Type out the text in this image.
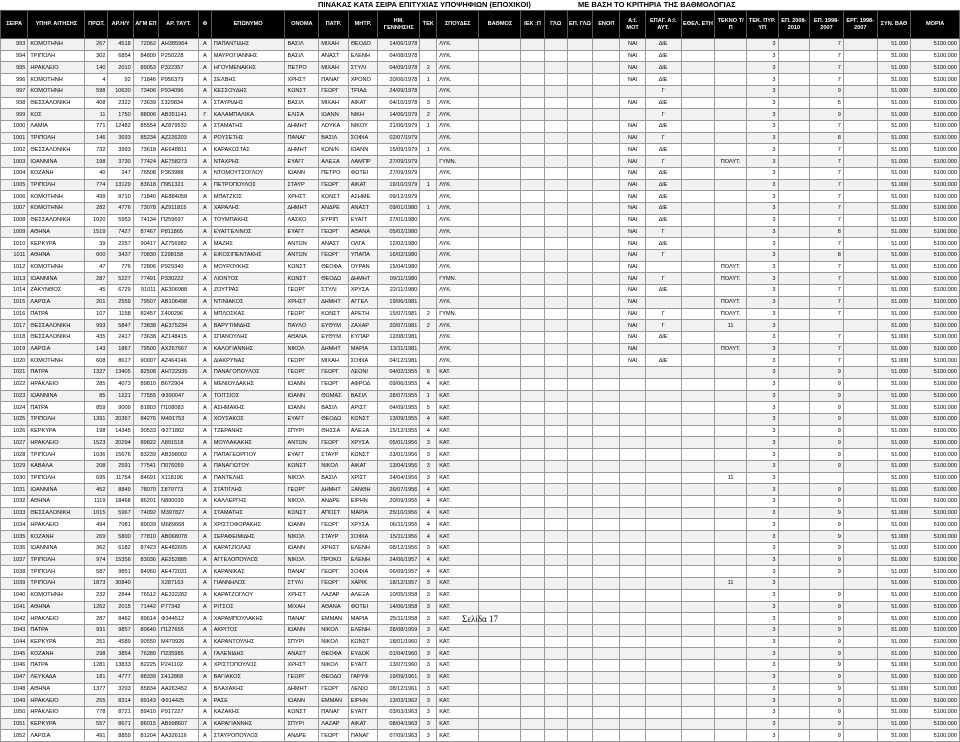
ΠΙΝΑΚΑΣ ΚΑΤΑ ΣΕΙΡΑ ΕΠΙΤΥΧΙΑΣ ΥΠΟΨΗΦΙΩΝ (ΕΠΟΧΙΚΟΙ)	ΜΕ ΒΑΣΗ ΤΟ ΚΡΙΤΗΡΙΑ ΤΗΣ ΒΑΘΜΟΛΟΓΙΑΣ
ΣΕΙΡΑ	ΥΠΗΡ. ΑΙΤΗΣΗΣ	ΠΡΩΤ.	ΑΡ.Η/Υ	ΑΓΜ ΕΠ	ΑΡ. ΤΑΥΤ.	Φ	ΕΠΩΝΥΜΟ	ΟΝΟΜΑ	ΠΑΤΡ.	ΜΗΤΡ.	ΗΜ. ΓΕΝΝΗΣΗΣ	ΤΕΚ	ΣΠΟΥ∆ΕΣ	ΒΑΘΜΟΣ	ΙΕΚ :Π	ΓΛΩ	ΕΠ. ΓΛΩ	ΕΝΟΠ	Α:Ι. ΜΟΤ	ΕΠΑΓ. Α:Ι. ΑΥΤ.	ΕΘΕΛ. ΕΤΗ	ΤΕΚΝΟ Τ/Π	ΤΕΚ. ΠΥΡ. ΥΠ	ΕΠ. 2008-2010	ΕΠ. 1998-2007	ΕΡΓ. 1998-2007	ΣΥΝ. ΒΑΘ	ΜΟΡΙΑ
993	ΚΟΜΟΤΗΝΗ	267	4518	72062	ΑΗ385964	Α	ΠΑΠΑΝΤΙ∆ΗΣ	ΒΑΣΙΛ	ΜΙΧΑΗ	ΘΕΟ∆Ο	14/06/1978		ΛΥΚ.						ΝΑΙ	∆ΙΕ			3		7		51.000	5100.000
994	ΤΡΙΠΟΛΗ	302	6854	84809	Ρ250228	Α	ΜΑΥΡΟΓΙΑΝΝΗΣ	ΒΑΣΙΛ	ΑΝΑΣΤ	ΕΛΕΝΗ	04/08/1978		ΛΥΚ.						ΝΑΙ	∆ΙΕ			3		7		51.000	5100.000
995	ΗΡΑΚΛΕΙΟ	140	2010	89053	Ρ322357	Α	ΗΓΟΥΜΕΝΑΚΗΣ	ΠΕΤΡΟ	ΜΙΧΑΗ	ΣΤΥΛΙ	04/09/1978	2	ΛΥΚ.						ΝΑΙ	∆ΙΕ			3		7		51.000	5100.000
996	ΚΟΜΟΤΗΝΗ	4	92	71846	Ρ956379	Α	ΣΕΛΒΗΣ	ΧΡΗΣΤ	ΠΑΝΑΓ	ΧΡΟΝΟ	20/06/1978	1	ΛΥΚ.						ΝΑΙ	∆ΙΕ			3		7		51.000	5100.000
997	ΚΟΜΟΤΗΝΗ	598	10630	73406	Ρ934096	Α	ΚΕΣΣΟΥ∆ΗΣ	ΚΩΝΣΤ	ΓΕΩΡΓ	ΤΡΙΑ∆	24/09/1978		ΛΥΚ.							Γ			3		9		51.000	5100.000
998	ΘΕΣΣΑΛΟΝΙΚΗ	408	2322	73639	Σ329834	Α	ΣΤΑΥΡΙ∆ΗΣ	ΒΑΣΙΛ	ΜΙΧΑΗ	ΑΙΚΑΤ	04/10/1978	3	ΛΥΚ.						ΝΑΙ	∆ΙΕ			3		5		51.000	5100.000
999	ΚΩΣ	11	1750	88006	ΑΒ351141	Γ	ΚΑΛΑΜΠΑΛΙΚΑ	ΕΛΙΣΑ	ΙΩΑΝΝ	ΝΙΚΗ	14/06/1979	2	ΛΥΚ.							Γ			3		9		51.000	5100.000
1000	ΛΑΜΙΑ	771	12482	85554	ΑΖ879532	Α	ΣΤΑΜΑΤΗΣ	∆ΗΜΗΤ	ΛΟΥΚΑ	ΝΙΚΟΥ	21/06/1979	1	ΛΥΚ.						ΝΑΙ	∆ΙΕ			3		7		51.000	5100.000
1001	ΤΡΙΠΟΛΗ	146	3693	85234	ΑΖ226203	Α	ΡΟΥΣΕΤΗΣ	ΠΑΝΑΓ	ΒΑΣΙΛ	ΣΟΦΙΑ	02/07/1979		ΛΥΚ.						ΝΑΙ	Γ			3		8		51.000	5100.000
1002	ΘΕΣΣΑΛΟΝΙΚΗ	732	3993	73618	ΑΕ648811	Α	ΚΑΡΑΚΩΣΤΑΣ	∆ΗΜΗΤ	ΚΩΝ/Ν	ΙΩΑΝΝ	15/09/1979	1	ΛΥΚ.						ΝΑΙ	∆ΙΕ			3		7		51.000	5100.000
1003	ΙΩΑΝΝΙΝΑ	198	3730	77424	ΑΕ758273	Α	ΝΤΑΧΡΗΣ	ΕΥΑΓΓ	ΑΛΕΞΑ	ΛΑΜΠΡ	27/09/1979		ΓΥΜΝ.						ΝΑΙ	Γ		ΠΟΛΥΤ.	3		7		51.000	5100.000
1004	ΚΟΖΑΝΗ	40	247	76508	Ρ363988	Α	ΝΤΟΜΟΥΤΣΟΓΛΟΥ	ΙΩΑΝΝ	ΠΕΤΡΟ	ΦΩΤΕΙ	27/09/1979		ΛΥΚ.						ΝΑΙ	∆ΙΕ			3		7		51.000	5100.000
1005	ΤΡΙΠΟΛΗ	774	13129	83618	Π951321	Α	ΠΕΤΡΟΠΟΥΛΟΣ	ΣΤΑΥΡ	ΓΕΩΡΓ	ΑΙΚΑΤ	19/10/1979	1	ΛΥΚ.						ΝΑΙ	∆ΙΕ			3		7		51.000	5100.000
1006	ΚΟΜΟΤΗΝΗ	499	8710	71840	ΑΕ884058	Α	ΜΠΑΤΖΙΟΣ	ΧΡΗΣΤ	ΚΩΝΣΤ	ΑΣΗΜΕ	09/12/1979		ΛΥΚ.						ΝΑΙ	∆ΙΕ			3		7		51.000	5100.000
1007	ΚΟΜΟΤΗΝΗ	282	4776	73078	ΑΖ911815	Α	ΧΑΡΑΛΗΣ	∆ΗΜΗΤ	ΑΝ∆ΡΕ	ΑΝΑΣΤ	09/01/1980	1	ΛΥΚ.						ΝΑΙ	∆ΙΕ			3		7		51.000	5100.000
1008	ΘΕΣΣΑΛΟΝΙΚΗ	1020	5953	74134	Π259697	Α	ΤΟΥΜΠΑΚΗΣ	ΛΑΣΚΟ	ΕΥΡΙΠ	ΕΥΑΓΓ	27/01/1980		ΛΥΚ.						ΝΑΙ	∆ΙΕ			3		7		51.000	5100.000
1009	ΑΘΗΝΑ	1519	7427	87467	Ρ811865	Α	ΕΥΑΓΓΕΛΙΝΟΣ	ΕΥΑΓΓ	ΓΕΩΡΓ	ΑΘΑΝΑ	05/02/1980		ΛΥΚ.						ΝΑΙ	Γ			3		8		51.000	5100.000
1010	ΚΕΡΚΥΡΑ	39	2257	90417	ΑΖ756982	Α	ΜΑΖΗΣ	ΑΝΤΩΝ	ΑΝΑΣΤ	ΟΛΓΑ	12/02/1980		ΛΥΚ.						ΝΑΙ	∆ΙΕ			3		7		51.000	5100.000
1011	ΑΘΗΝΑ	600	3437	70830	Σ298158	Α	ΕΙΚΟΣΙΠΕΝΤΑΚΗΣ	ΑΝΤΩΝ	ΓΕΩΡΓ	ΥΠΑΠΑ	16/02/1980		ΛΥΚ.						ΝΑΙ	Γ			3		8		51.000	5100.000
1012	ΚΟΜΟΤΗΝΗ	47	776	72806	Ρ929340	Α	ΜΟΥΡΟΥΚΗΣ	ΚΩΝΣΤ	ΘΕΟΦΑ	ΟΥΡΑΝ	15/04/1980		ΛΥΚ.						ΝΑΙ			ΠΟΛΥΤ.	3		7		51.000	5100.000
1013	ΙΩΑΝΝΙΝΑ	287	5227	77491	Ρ330222	Α	ΛΙΟΝΤΟΣ	ΚΩΝΣΤ	ΘΕΟ∆Ω	∆ΗΜΗΤ	09/11/1980		ΓΥΜΝ.						ΝΑΙ	Γ		ΠΟΛΥΤ.	3		7		51.000	5100.000
1014	ΖΑΚΥΝΘΟΣ	45	6729	91011	ΑΕ306988	Α	ΖΟΥΤΡΑΣ	ΓΕΩΡΓ	ΣΤΥΛΙ	ΧΡΥΣΑ	22/11/1980		ΛΥΚ.						ΝΑΙ	∆ΙΕ			3		7		51.000	5100.000
1015	ΛΑΡΙΣΑ	201	2559	79507	ΑΒ106498	Α	ΝΤΙΝΙΑΚΟΣ	ΧΡΗΣΤ	∆ΗΜΗΤ	ΑΓΓΕΛ	19/06/1981		ΛΥΚ.						ΝΑΙ			ΠΟΛΥΤ.	3		7		51.000	5100.000
1016	ΠΑΤΡΑ	107	1158	82457	Σ400296	Α	ΜΠΛΟΣΚΑΣ	ΓΕΩΡΓ	ΚΩΝΣΤ	ΑΡΕΤΗ	15/07/1981	2	ΓΥΜΝ.						ΝΑΙ	Γ		ΠΟΛΥΤ.	3		7		51.000	5100.000
1017	ΘΕΣΣΑΛΟΝΙΚΗ	993	5847	73838	ΑΕ375234	Α	ΒΑΡΥΤΙΜΙ∆ΗΣ	ΠΑΥΛΟ	ΕΥΘΥΜ	ΖΑΧΑΡ	20/07/1981	2	ΛΥΚ.						ΝΑΙ	Γ		11	3				51.000	5100.000
1018	ΘΕΣΣΑΛΟΝΙΚΗ	435	2417	73638	ΑΖ148415	Α	ΣΠΑΝΟΥΛΗΣ	ΑΘΑΝΑ	ΕΥΘΥΜ	ΚΥΠΑΡ	12/08/1981		ΛΥΚ.						ΝΑΙ	∆ΙΕ			3		7		51.000	5100.000
1019	ΛΑΡΙΣΑ	143	1867	79500	ΑΧ267667	Α	ΚΑΛΟΓΙΑΝΝΗΣ	ΝΙΚΟΛ	∆ΗΜΗΤ	ΜΑΡΙΑ	13/11/1981		ΛΥΚ.						ΝΑΙ			ΠΟΛΥΤ.	3		7		51.000	5100.000
1020	ΚΟΜΟΤΗΝΗ	608	8617	90007	ΑΖ464146	Α	∆ΙΑΚΡΥΝΑΣ	ΓΕΩΡΓ	ΜΙΧΑΗ	ΣΟΦΙΑ	04/12/1981		ΛΥΚ.						ΝΑΙ	∆ΙΕ			3		7		51.000	5100.000
1021	ΠΑΤΡΑ	1327	13405	82508	ΑΗ722935	Α	ΠΑΝΑΓΟΠΟΥΛΟΣ	ΓΕΩΡΓ	ΓΕΩΡΓ	ΛΕΩΝΙ	04/02/1955	6	ΚΑΤ.										3		9		51.000	5100.000
1022	ΗΡΑΚΛΕΙΟ	285	4073	89810	Β672904	Α	ΜΕΝΙΟΥ∆ΑΚΗΣ	ΙΩΑΝΝ	ΓΕΩΡΓ	ΑΦΡΟ∆	09/06/1955	4	ΚΑΤ.										3		9		51.000	5100.000
1023	ΙΩΑΝΝΙΝΑ	85	1221	77555	Φ390047	Α	ΤΟΙΤΣΙΟΣ	ΙΩΑΝΝ	ΘΩΜΑΣ	ΒΑΣΙΛ	28/07/1955	1	ΚΑΤ.										3		9		51.000	5100.000
1024	ΠΑΤΡΑ	859	9009	81803	Π108083	Α	ΑΣΗΜΑΚΗΣ	ΙΩΑΝΝ	ΒΑΣΙΛ	ΑΡΙΣΤ	04/09/1955	5	ΚΑΤ.										3		9		51.000	5100.000
1025	ΤΡΙΠΟΛΗ	1391	20367	84276	Μ491753	Α	ΧΟΥΣΑΚΟΣ	ΕΥΑΓΓ	ΘΕΟ∆Ω	ΚΩΝΣΤ	13/09/1955	4	ΚΑΤ.										3		9		51.000	5100.000
1026	ΚΕΡΚΥΡΑ	198	14345	90533	Φ271802	Α	ΤΖΕΡΑΝΗΣ	ΣΠΥΡΙ	ΘΗΣΣΑ	ΑΛΕΞΑ	15/12/1955	4	ΚΑΤ.										3		9		51.000	5100.000
1027	ΗΡΑΚΛΕΙΟ	1523	20294	89822	Λ891518	Α	ΜΟΥΛΑΚΑΚΗΣ	ΑΝΤΩΝ	ΓΕΩΡΓ	ΧΡΥΣΑ	05/01/1956	3	ΚΑΤ.										3		9		51.000	5100.000
1028	ΤΡΙΠΟΛΗ	1036	15676	83239	ΑΒ398002	Α	ΠΑΠΑΓΕΩΡΓΙΟΥ	ΕΥΑΓΓ	ΣΤΑΥΡ	ΚΩΝΣΤ	23/01/1956	3	ΚΑΤ.										3		9		51.000	5100.000
1029	ΚΑΒΑΛΑ	208	2591	77541	Π076059	Α	ΠΑΝΑΓΙΩΤΟΥ	ΚΩΝΣΤ	ΝΙΚΟΛ	ΑΙΚΑΤ	13/04/1956	3	ΚΑΤ.										3		9		51.000	5100.000
1030	ΤΡΙΠΟΛΗ	695	11754	84691	Χ118196	Α	ΠΑΝΤΕΛΗΣ	ΝΙΚΟΛ	ΒΑΣΙΛ	ΧΡΙΣΤ	24/04/1956	3	ΚΑΤ.									11	3				51.000	5100.000
1031	ΙΩΑΝΝΙΝΑ	452	8849	78070	Σ870773	Α	ΣΤΑΤΙΓΛΗΣ	ΓΕΩΡΓ	∆ΗΜΗΤ	ΞΑΝΘΗ	26/07/1956	4	ΚΑΤ.										3		9		51.000	5100.000
1032	ΑΘΗΝΑ	1119	18468	86201	Ν890039	Α	ΚΑΛΛΕΡΓΗΣ	ΝΙΚΟΛ	ΑΝ∆ΡΕ	ΕΙΡΗΝ	20/09/1956	4	ΚΑΤ.										3		9		51.000	5100.000
1033	ΘΕΣΣΑΛΟΝΙΚΗ	1015	5967	74092	Μ397827	Α	ΣΤΑΜΑΤΗΣ	ΚΩΝΣΤ	ΑΠΟΣΤ	ΜΑΡΙΑ	25/10/1956	4	ΚΑΤ.										3		9		51.000	5100.000
1034	ΗΡΑΚΛΕΙΟ	494	7081	89039	Μ689668	Α	ΧΡΙΣΤΟΦΟΡΑΚΗΣ	ΙΩΑΝΝ	ΓΕΩΡΓ	ΧΡΥΣΑ	06/11/1956	4	ΚΑΤ.										3		9		51.000	5100.000
1035	ΚΟΖΑΝΗ	269	5800	77810	ΑΒ068078	Α	ΣΕΡΑΦΕΙΜΙ∆ΗΣ	ΝΙΚΟΛ	ΣΤΑΥΡ	ΣΟΦΙΑ	15/11/1956	4	ΚΑΤ.										3		9		51.000	5100.000
1036	ΙΩΑΝΝΙΝΑ	362	6182	87423	ΑΕ482605	Α	ΚΑΡΑΤΖΙΟΛΑΣ	ΙΩΑΝΝ	ΧΡΗΣΤ	ΕΛΕΝΗ	08/12/1956	3	ΚΑΤ.										3		9		51.000	5100.000
1037	ΤΡΙΠΟΛΗ	974	15356	83036	ΑΕ252885	Α	ΑΓΓΕΛΟΠΟΥΛΟΣ	ΝΙΚΟΛ	ΠΡΟΚΟ	ΕΛΕΝΗ	24/06/1957	4	ΚΑΤ.										3		9		51.000	5100.000
1038	ΤΡΙΠΟΛΗ	587	9851	84960	ΑΕ472031	Α	ΚΑΡΑΝΙΚΑΣ	ΠΑΝΑΓ	ΓΕΩΡΓ	ΣΟΦΙΑ	06/09/1957	4	ΚΑΤ.										3		9		51.000	5100.000
1039	ΤΡΙΠΟΛΗ	1873	30840		Χ287163	Α	ΓΙΑΝΝΗΛΟΣ	ΣΤΥΛΙ	ΓΕΩΡΓ	ΧΑΡΙΚ	18/12/1957	3	ΚΑΤ.									11	3				51.000	5100.000
1040	ΚΟΜΟΤΗΝΗ	232	2844	76512	ΑΕ332282	Α	ΚΑΡΑΤΖΟΓΛΟΥ	ΧΡΗΣΤ	ΛΑΖΑΡ	ΑΛΕΞΑ	10/05/1958	3	ΚΑΤ.										3		9		51.000	5100.000
1041	ΑΘΗΝΑ	1262	2015	71442	Ρ77342	Α	ΡΙΤΣΟΣ	ΜΙΧΑΗ	ΑΘΑΝΑ	ΦΩΤΕΙ	14/06/1958	3	ΚΑΤ.										3		9		51.000	5100.000
1042	ΗΡΑΚΛΕΙΟ	287	8462	89614	Φ344512	Α	ΧΑΡΑΜΠΟΥΛΑΚΗΣ	ΠΑΝΑΓ	ΕΜΜΑΝ	ΜΑΡΙΑ	25/11/1958	3	ΚΑΤ.										3		9		51.000	5100.000
1043	ΠΑΤΡΑ	931	9857	80640	Π127655	Α	ΑΚΡΙΤΟΣ	ΙΩΑΝΝ	ΝΙΚΟΛ	ΕΛΕΝΗ	28/08/1959	3	ΚΑΤ.										3		9		51.000	5100.000
1044	ΚΕΡΚΥΡΑ	251	4589	90550	Μ479926	Α	ΚΑΡΑΝΤΟΥΛΗΣ	ΣΠΥΡΙ	ΝΙΚΟΛ	ΚΩΝΣΤ	18/01/1960	3	ΚΑΤ.										3		9		51.000	5100.000
1045	ΚΟΖΑΝΗ	298	3854	76280	Π235985	Α	ΓΑΛΕΝΙ∆ΗΣ	ΑΝΑΣΤ	ΘΕΟΦΑ	ΕΥ∆ΟΚ	01/04/1960	3	ΚΑΤ.										3		9		51.000	5100.000
1046	ΠΑΤΡΑ	1281	13833	82225	Ρ241102	Α	ΧΡΙΣΤΟΠΟΥΛΟΣ	ΧΡΗΣΤ	ΝΙΚΟΛ	ΕΥΑΓΓ	13/07/1960	3	ΚΑΤ.										3		9		51.000	5100.000
1047	ΛΕΥΚΑ∆Α	181	4777	88339	Σ412868	Α	ΒΑΓΙΑΚΟΣ	ΓΕΩΡΓ	ΘΕΟ∆Ο	ΓΑΡΥΦ	19/09/1961	3	ΚΑΤ.										3		9		51.000	5100.000
1048	ΑΘΗΝΑ	1377	3293	85834	ΑΑ263452	Α	ΒΛΑΧΑΚΗΣ	∆ΗΜΗΤ	ΓΕΩΡΓ	ΛΕΝΙΩ	08/12/1961	3	ΚΑΤ.										3		9		51.000	5100.000
1049	ΗΡΑΚΛΕΙΟ	255	8314	89143	Φ914425	Α	ΡΑΣΕ	ΙΩΑΝΝ	ΕΜΜΑΝ	ΕΙΡΗΝ	13/03/1962	3	ΚΑΤ.										3		9		51.000	5100.000
1050	ΗΡΑΚΛΕΙΟ	778	8721	89410	Ρ917227	Α	ΚΑΖΑΚΗΣ	ΚΩΝΣΤ	ΠΑΝΑΓ	ΕΥΑΓΓ	03/03/1963	3	ΚΑΤ.										3		9		51.000	5100.000
1051	ΚΕΡΚΥΡΑ	557	8671	86015	ΑΒ998607	Α	ΚΑΡΑΓΙΑΝΝΗΣ	ΣΠΥΡΙ	ΛΑΖΑΡ	ΑΙΚΑΤ	08/04/1963	3	ΚΑΤ.										3		9		51.000	5100.000
1052	ΛΑΡΙΣΑ	491	8859	81204	ΑΑ326116	Α	ΣΤΑΥΡΟΠΟΥΛΟΣ	ΑΝ∆ΡΕ	ΓΕΩΡΓ	ΠΑΝΑΓ	07/09/1963	3	ΚΑΤ.										3		9		51.000	5100.000
Σελίδα 17
